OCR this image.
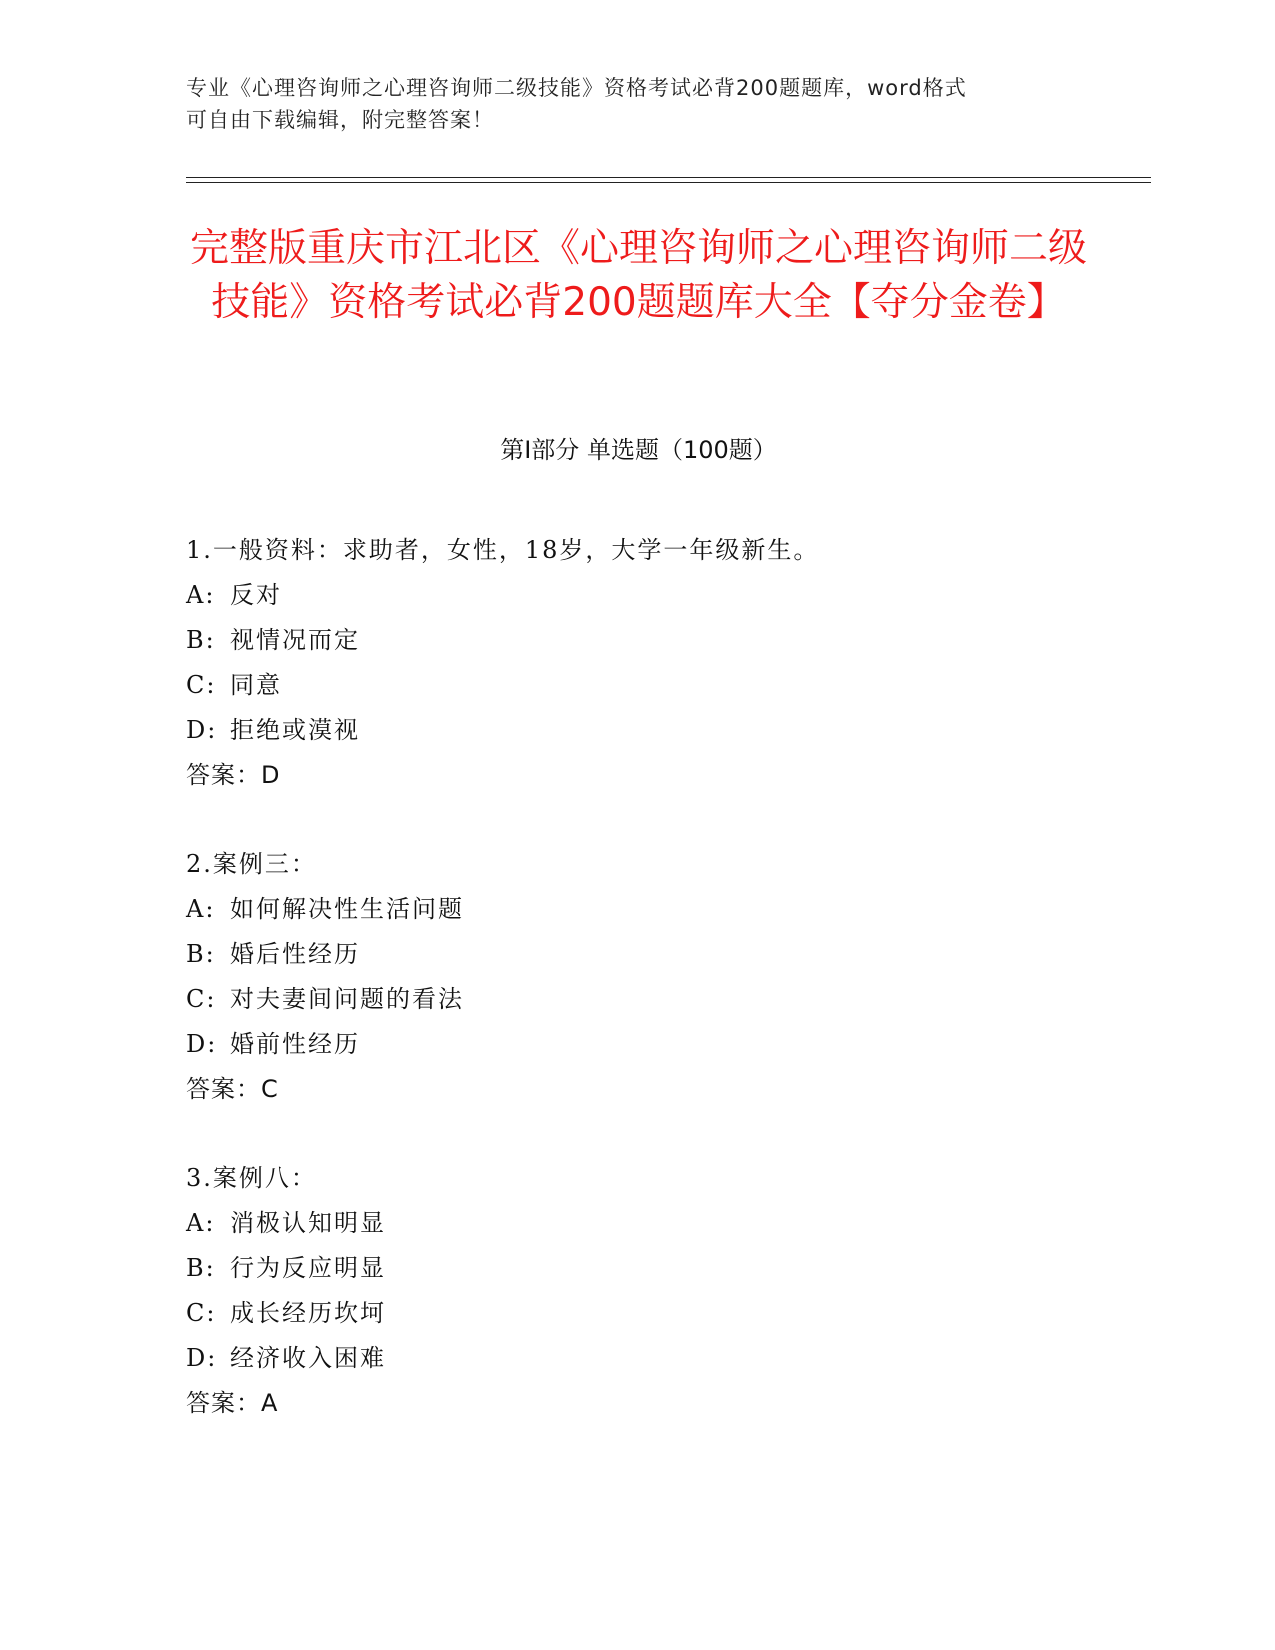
专业《心理咨询师之心理咨询师二级技能》资格考试必背200题题库，word格式
可自由下载编辑，附完整答案！
完整版重庆市江北区《心理咨询师之心理咨询师二级技能》资格考试必背200题题库大全【夺分金卷】
第Ⅰ部分 单选题（100题）
1.一般资料：求助者，女性，18岁，大学一年级新生。
A: 反对
B: 视情况而定
C: 同意
D: 拒绝或漠视
答案：D
2.案例三：
A: 如何解决性生活问题
B: 婚后性经历
C: 对夫妻间问题的看法
D: 婚前性经历
答案：C
3.案例八：
A: 消极认知明显
B: 行为反应明显
C: 成长经历坎坷
D: 经济收入困难
答案：A
